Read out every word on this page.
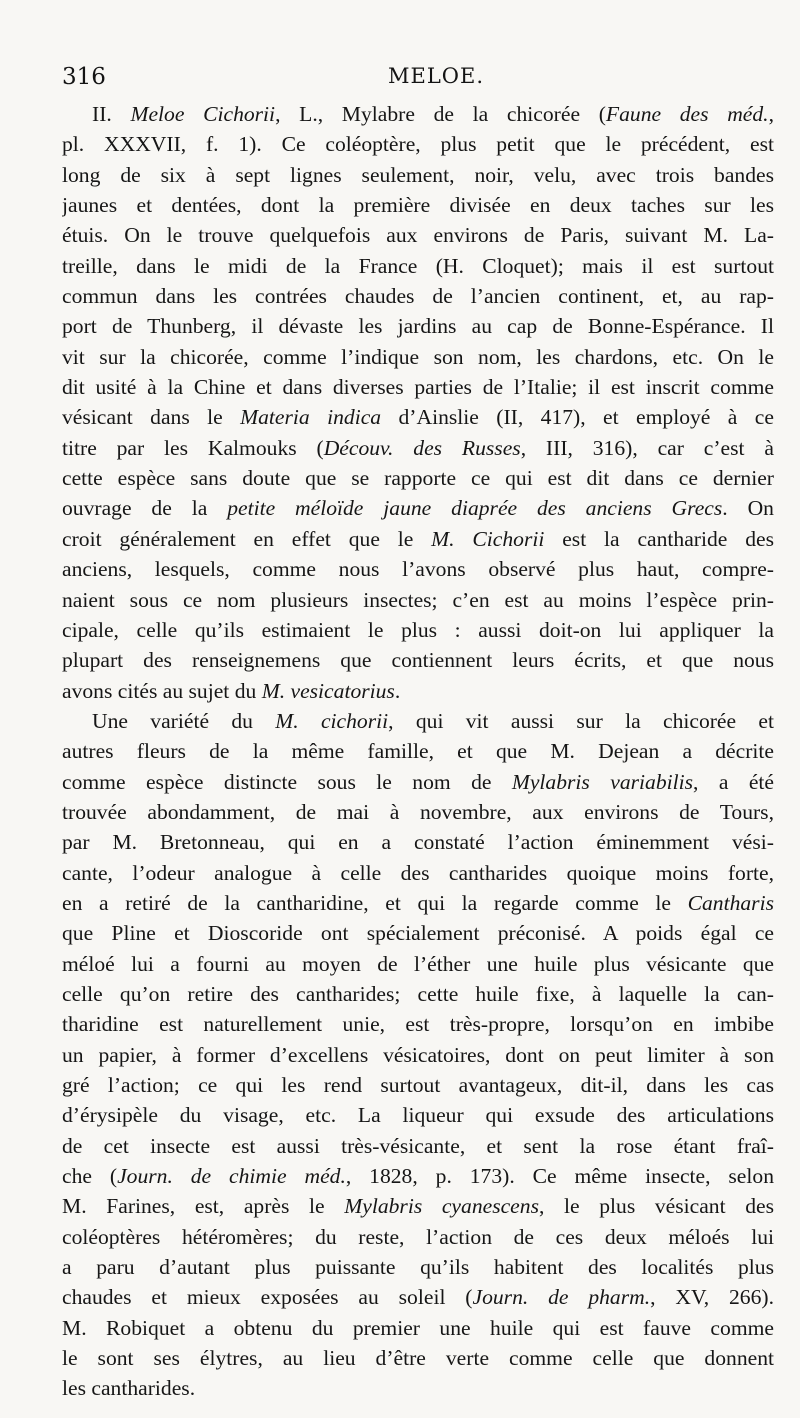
316	MELOE.
II. Meloe Cichorii, L., Mylabre de la chicorée (Faune des méd.,
pl. XXXVII, f. 1). Ce coléoptère, plus petit que le précédent, est
long de six à sept lignes seulement, noir, velu, avec trois bandes
jaunes et dentées, dont la première divisée en deux taches sur les
étuis. On le trouve quelquefois aux environs de Paris, suivant M. La-
treille, dans le midi de la France (H. Cloquet); mais il est surtout
commun dans les contrées chaudes de l’ancien continent, et, au rap-
port de Thunberg, il dévaste les jardins au cap de Bonne-Espérance. Il
vit sur la chicorée, comme l’indique son nom, les chardons, etc. On le
dit usité à la Chine et dans diverses parties de l’Italie; il est inscrit comme
vésicant dans le Materia indica d’Ainslie (II, 417), et employé à ce
titre par les Kalmouks (Découv. des Russes, III, 316), car c’est à
cette espèce sans doute que se rapporte ce qui est dit dans ce dernier
ouvrage de la petite méloïde jaune diaprée des anciens Grecs. On
croit généralement en effet que le M. Cichorii est la cantharide des
anciens, lesquels, comme nous l’avons observé plus haut, compre-
naient sous ce nom plusieurs insectes; c’en est au moins l’espèce prin-
cipale, celle qu’ils estimaient le plus : aussi doit-on lui appliquer la
plupart des renseignemens que contiennent leurs écrits, et que nous
avons cités au sujet du M. vesicatorius.
Une variété du M. cichorii, qui vit aussi sur la chicorée et
autres fleurs de la même famille, et que M. Dejean a décrite
comme espèce distincte sous le nom de Mylabris variabilis, a été
trouvée abondamment, de mai à novembre, aux environs de Tours,
par M. Bretonneau, qui en a constaté l’action éminemment vési-
cante, l’odeur analogue à celle des cantharides quoique moins forte,
en a retiré de la cantharidine, et qui la regarde comme le Cantharis
que Pline et Dioscoride ont spécialement préconisé. A poids égal ce
méloé lui a fourni au moyen de l’éther une huile plus vésicante que
celle qu’on retire des cantharides; cette huile fixe, à laquelle la can-
tharidine est naturellement unie, est très-propre, lorsqu’on en imbibe
un papier, à former d’excellens vésicatoires, dont on peut limiter à son
gré l’action; ce qui les rend surtout avantageux, dit-il, dans les cas
d’érysipèle du visage, etc. La liqueur qui exsude des articulations
de cet insecte est aussi très-vésicante, et sent la rose étant fraî-
che (Journ. de chimie méd., 1828, p. 173). Ce même insecte, selon
M. Farines, est, après le Mylabris cyanescens, le plus vésicant des
coléoptères hétéromères; du reste, l’action de ces deux méloés lui
a paru d’autant plus puissante qu’ils habitent des localités plus
chaudes et mieux exposées au soleil (Journ. de pharm., XV, 266).
M. Robiquet a obtenu du premier une huile qui est fauve comme
le sont ses élytres, au lieu d’être verte comme celle que donnent
les cantharides.
